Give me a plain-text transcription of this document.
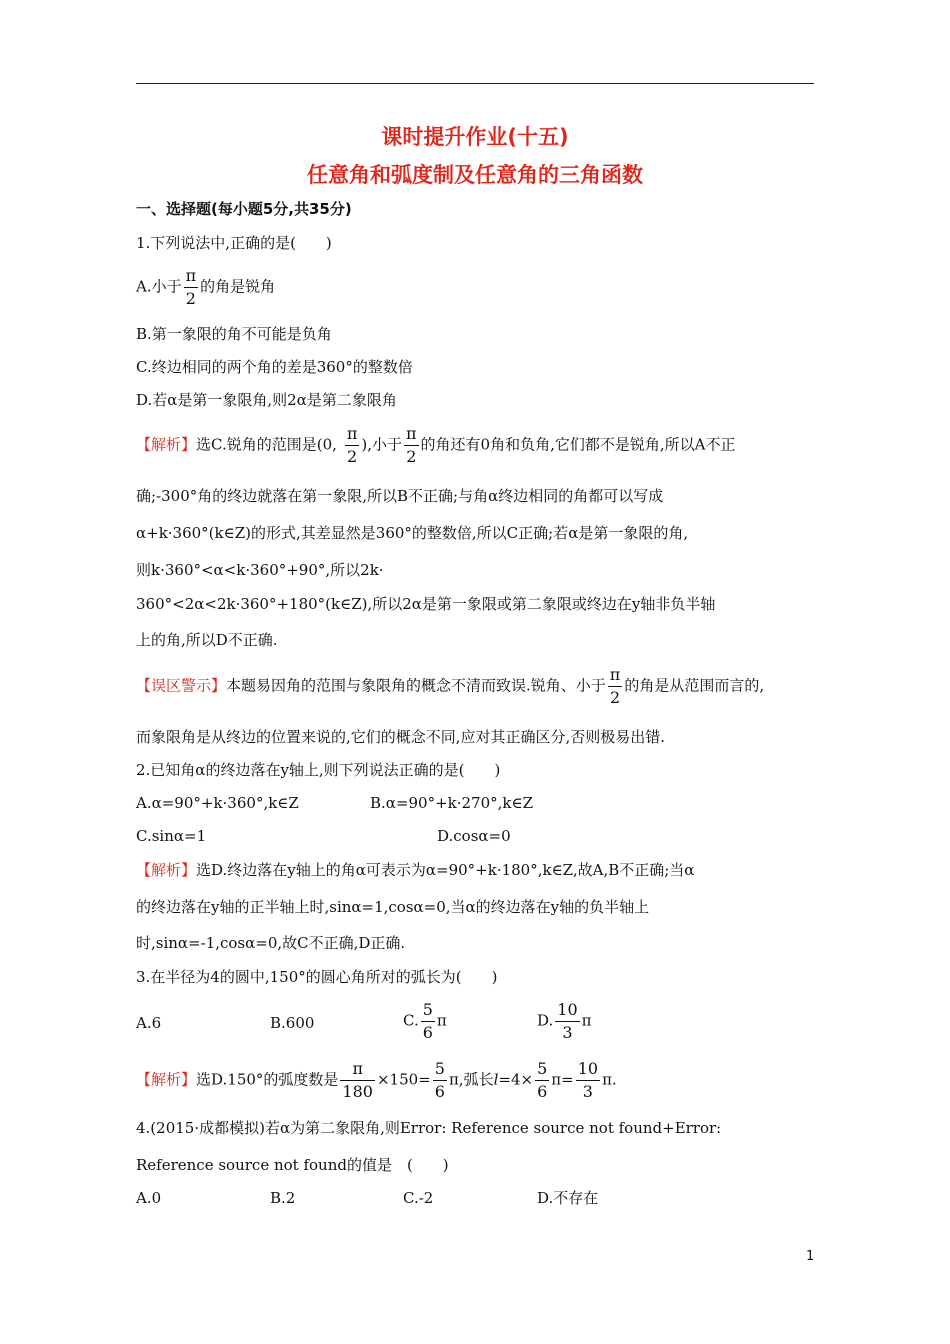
课时提升作业(十五)
任意角和弧度制及任意角的三角函数
一、选择题(每小题5分,共35分)
1.下列说法中,正确的是(　　)
A.小于 $\frac{\pi}{2}$ 的角是锐角
B.第一象限的角不可能是负角
C.终边相同的两个角的差是360°的整数倍
D.若α是第一象限角,则2α是第二象限角
【解析】选C.锐角的范围是(0, $\frac{\pi}{2}$ ),小于 $\frac{\pi}{2}$ 的角还有0角和负角,它们都不是锐角,所以A不正
确;-300°角的终边就落在第一象限,所以B不正确;与角α终边相同的角都可以写成
α+k·360°(k∈Z)的形式,其差显然是360°的整数倍,所以C正确;若α是第一象限的角,
则k·360°<α<k·360°+90°,所以2k·
360°<2α<2k·360°+180°(k∈Z),所以2α是第一象限或第二象限或终边在y轴非负半轴
上的角,所以D不正确.
【误区警示】本题易因角的范围与象限角的概念不清而致误.锐角、小于 $\frac{\pi}{2}$ 的角是从范围而言的,
而象限角是从终边的位置来说的,它们的概念不同,应对其正确区分,否则极易出错.
2.已知角α的终边落在y轴上,则下列说法正确的是(　　)
A.α=90°+k·360°,k∈Z	B.α=90°+k·270°,k∈Z
C.sinα=1	D.cosα=0
【解析】选D.终边落在y轴上的角α可表示为α=90°+k·180°,k∈Z,故A,B不正确;当α
的终边落在y轴的正半轴上时,sinα=1,cosα=0,当α的终边落在y轴的负半轴上
时,sinα=-1,cosα=0,故C不正确,D正确.
3.在半径为4的圆中,150°的圆心角所对的弧长为(　　)
A.6	B.600	C. $\frac{5}{6}$ π	D. $\frac{10}{3}$ π
【解析】选D.150°的弧度数是 $\frac{\pi}{180} \times 150= \frac{5}{6} \pi$,弧长$l=4\times \frac{5}{6} \pi= \frac{10}{3} \pi$.
4.(2015·成都模拟)若α为第二象限角,则Error: Reference source not found+Error:
Reference source not found的值是　(　　)
A.0	B.2	C.-2	D.不存在
1
